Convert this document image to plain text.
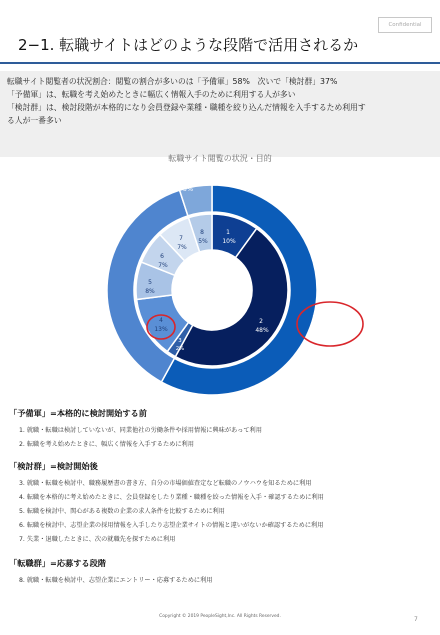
Confidential
2−1. 転職サイトはどのような段階で活用されるか

転職サイト閲覧者の状況割合：閲覧の割合が多いのは「予備軍」58%　次いで「検討群」37%

「予備軍」は、転職を考え始めたときに幅広く情報入手のために利用する人が多い

「検討群」は、検討段階が本格的になり会員登録や業種・職種を絞り込んだ情報を入手するため利用す

る人が一番多い

転職サイト閲覧の状況・目的
転職予備群
58%
転職検討群
37%
転職群
5%
1
10%
2
48%
3
2%
4
13%
5
8%
6
7%
7
7%
8
5%
「予備軍」=本格的に検討開始する前
1. 就職・転職は検討していないが、同業他社の労働条件や採用情報に興味があって利用
2. 転職を考え始めたときに、幅広く情報を入手するために利用
「検討群」=検討開始後
3. 就職・転職を検討中、職務履歴書の書き方、自分の市場価値査定など転職のノウハウを知るために利用
4. 転職を本格的に考え始めたときに、会員登録をしたり業種・職種を絞った情報を入手・確認するために利用
5. 転職を検討中、関心がある複数の企業の求人条件を比較するために利用
6. 転職を検討中、志望企業の採用情報を入手したり志望企業サイトの情報と違いがないか確認するために利用
7. 失業・退職したときに、次の就職先を探すために利用
「転職群」=応募する段階
8. 就職・転職を検討中、志望企業にエントリー・応募するために利用
Copyright © 2019 PeopleSight,Inc. All Rights Reserved.	7
